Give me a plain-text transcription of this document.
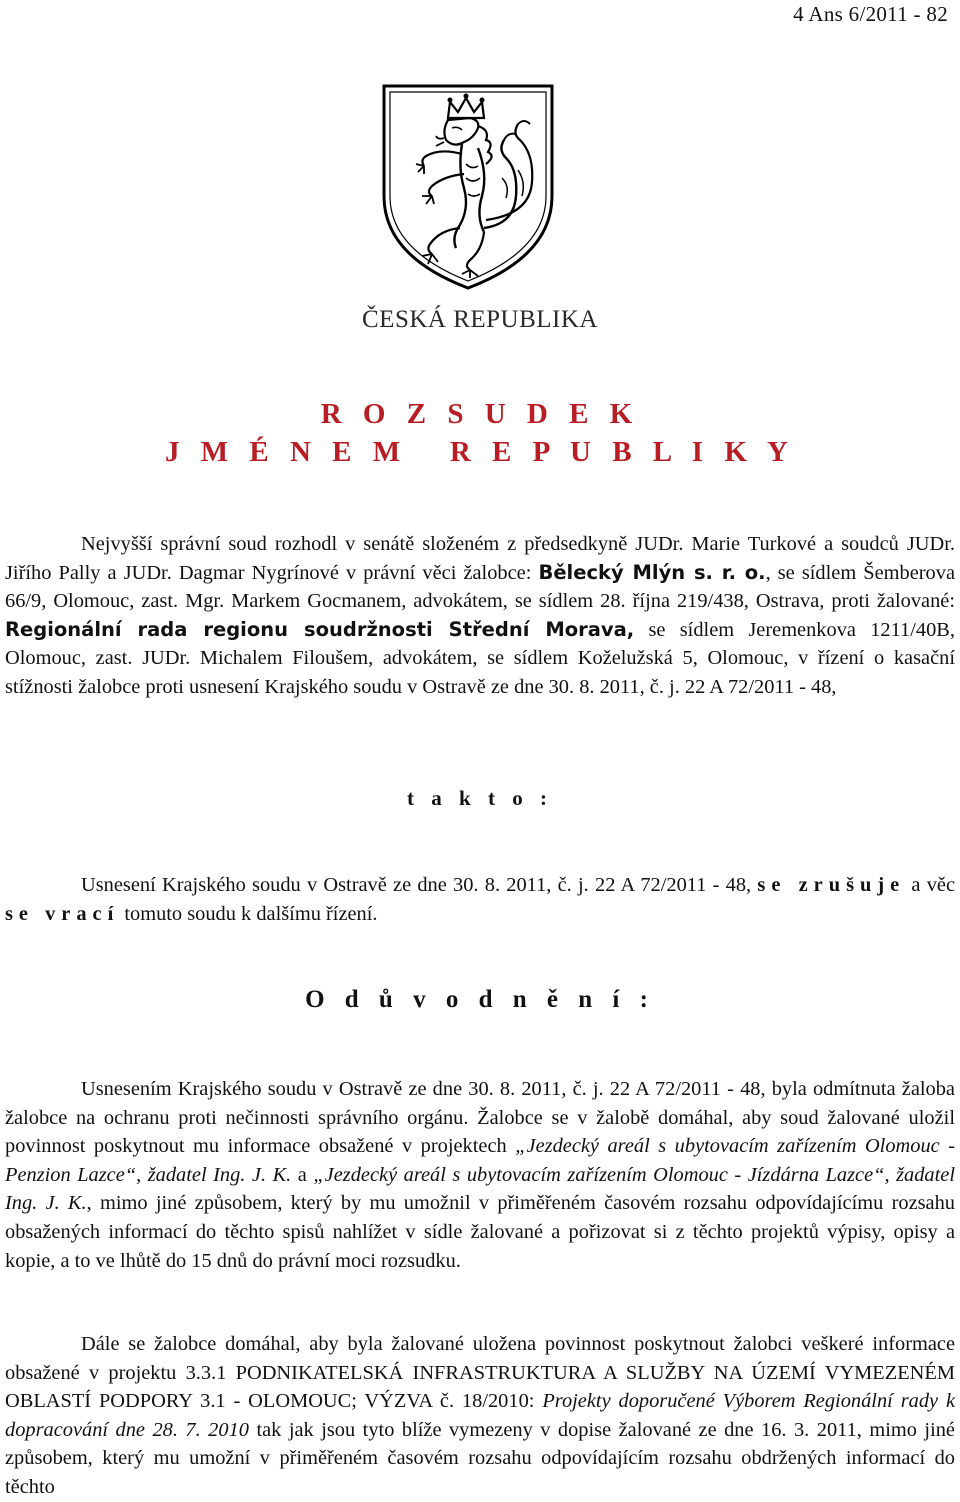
4 Ans 6/2011 - 82
ČESKÁ REPUBLIKA
R O Z S U D E K
J M É N E M   R E P U B L I K Y

Nejvyšší správní soud rozhodl v senátě složeném z předsedkyně JUDr. Marie Turkové a soudců JUDr. Jiřího Pally a JUDr. Dagmar Nygrínové v právní věci žalobce: Bělecký Mlýn s. r. o., se sídlem Šemberova 66/9, Olomouc, zast. Mgr. Markem Gocmanem, advokátem, se sídlem 28. října 219/438, Ostrava, proti žalované: Regionální rada regionu soudržnosti Střední Morava, se sídlem Jeremenkova 1211/40B, Olomouc, zast. JUDr. Michalem Filoušem, advokátem, se sídlem Koželužská 5, Olomouc, v řízení o kasační stížnosti žalobce proti usnesení Krajského soudu v Ostravě ze dne 30. 8. 2011, č. j. 22 A 72/2011 - 48,

t a k t o :

Usnesení Krajského soudu v Ostravě ze dne 30. 8. 2011, č. j. 22 A 72/2011 - 48, se zrušuje a věc se vrací tomuto soudu k dalšímu řízení.

O d ů v o d n ě n í :

Usnesením Krajského soudu v Ostravě ze dne 30. 8. 2011, č. j. 22 A 72/2011 - 48, byla odmítnuta žaloba žalobce na ochranu proti nečinnosti správního orgánu. Žalobce se v žalobě domáhal, aby soud žalované uložil povinnost poskytnout mu informace obsažené v projektech „Jezdecký areál s ubytovacím zařízením Olomouc - Penzion Lazce“, žadatel Ing. J. K. a „Jezdecký areál s ubytovacím zařízením Olomouc - Jízdárna Lazce“, žadatel Ing. J. K., mimo jiné způsobem, který by mu umožnil v přiměřeném časovém rozsahu odpovídajícímu rozsahu obsažených informací do těchto spisů nahlížet v sídle žalované a pořizovat si z těchto projektů výpisy, opisy a kopie, a to ve lhůtě do 15 dnů do právní moci rozsudku.

Dále se žalobce domáhal, aby byla žalované uložena povinnost poskytnout žalobci veškeré informace obsažené v projektu 3.3.1 PODNIKATELSKÁ INFRASTRUKTURA A SLUŽBY NA ÚZEMÍ VYMEZENÉM OBLASTÍ PODPORY 3.1 - OLOMOUC; VÝZVA č. 18/2010: Projekty doporučené Výborem Regionální rady k dopracování dne 28. 7. 2010 tak jak jsou tyto blíže vymezeny v dopise žalované ze dne 16. 3. 2011, mimo jiné způsobem, který mu umožní v přiměřeném časovém rozsahu odpovídajícím rozsahu obdržených informací do těchto
